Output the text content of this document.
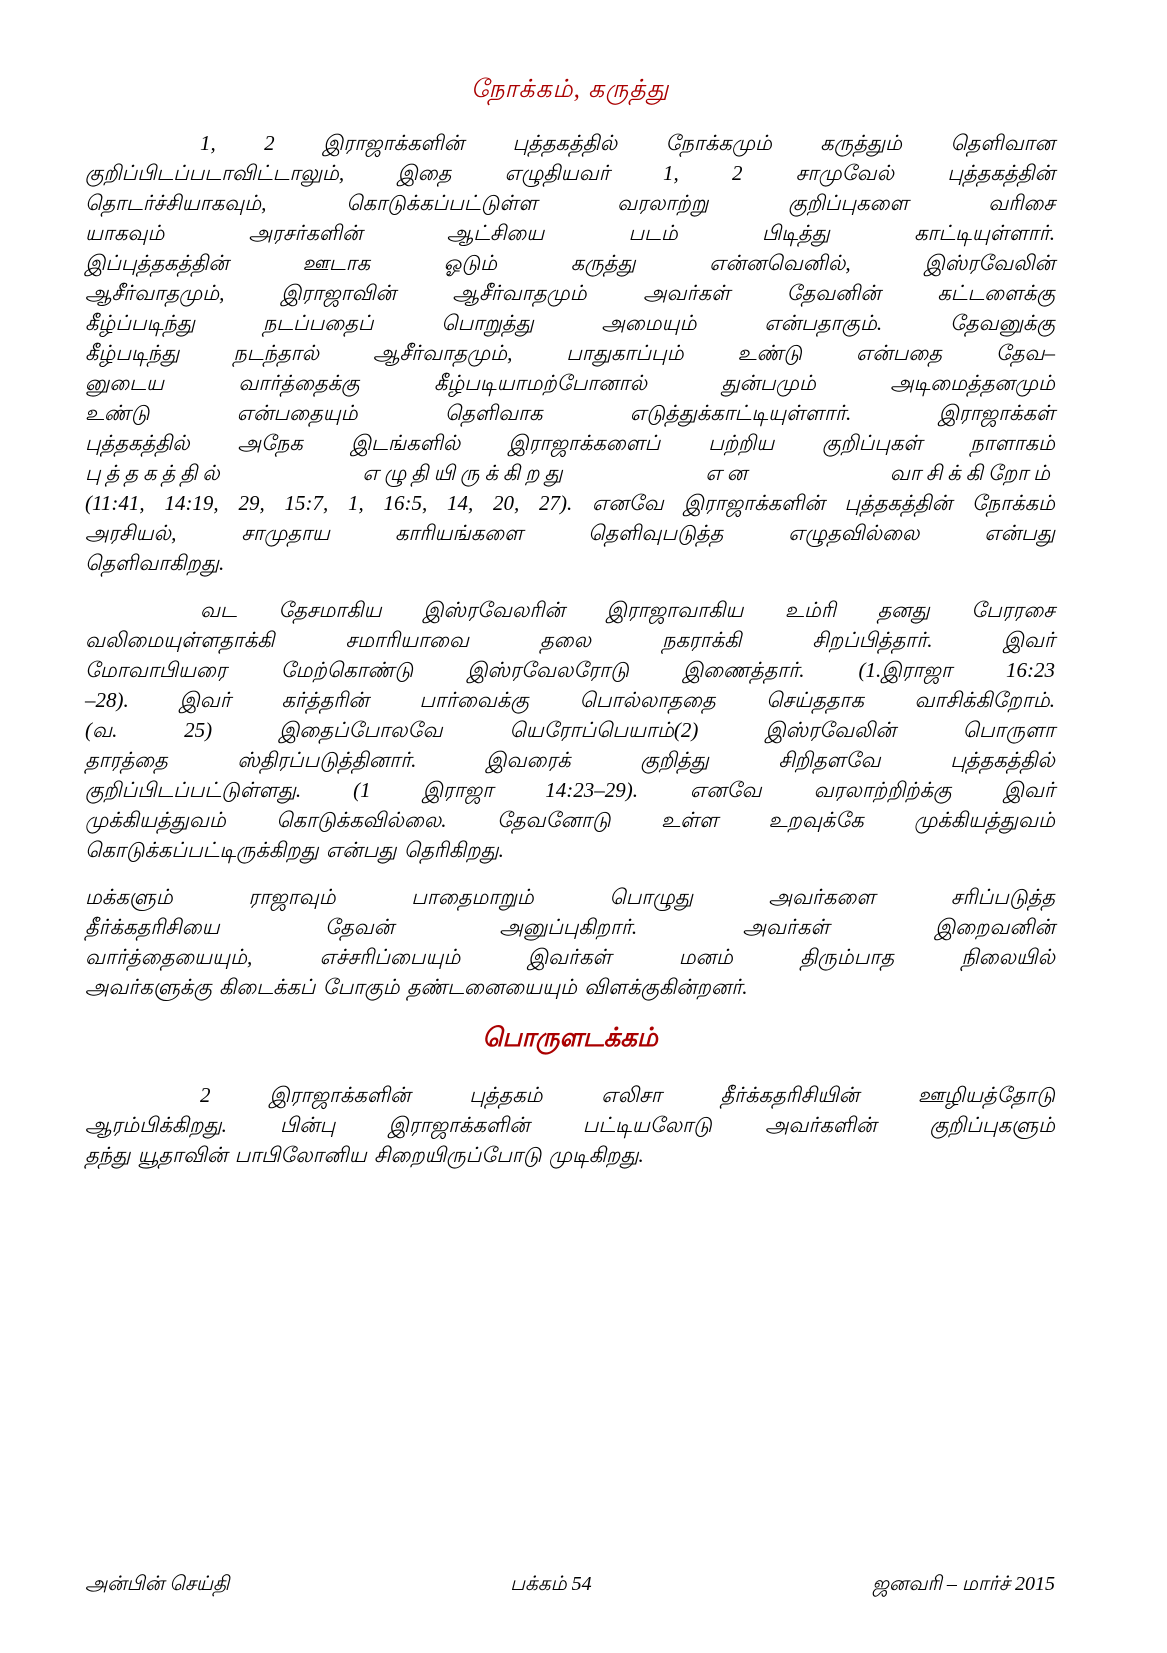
நோக்கம், கருத்து
1, 2 இராஜாக்களின் புத்தகத்தில் நோக்கமும் கருத்தும் தெளிவான
குறிப்பிடப்படாவிட்டாலும், இதை எழுதியவர் 1, 2 சாமுவேல் புத்தகத்தின்
தொடர்ச்சியாகவும், கொடுக்கப்பட்டுள்ள வரலாற்று குறிப்புகளை வரிசை
யாகவும் அரசர்களின் ஆட்சியை படம் பிடித்து காட்டியுள்ளார்.
இப்புத்தகத்தின் ஊடாக ஓடும் கருத்து என்னவெனில், இஸ்ரவேலின்
ஆசீர்வாதமும், இராஜாவின் ஆசீர்வாதமும் அவர்கள் தேவனின் கட்டளைக்கு
கீழ்ப்படிந்து நடப்பதைப் பொறுத்து அமையும் என்பதாகும். தேவனுக்கு
கீழ்படிந்து நடந்தால் ஆசீர்வாதமும், பாதுகாப்பும் உண்டு என்பதை தேவ–
னுடைய வார்த்தைக்கு கீழ்படியாமற்போனால் துன்பமும் அடிமைத்தனமும்
உண்டு என்பதையும் தெளிவாக எடுத்துக்காட்டியுள்ளார். இராஜாக்கள்
புத்தகத்தில் அநேக இடங்களில் இராஜாக்களைப் பற்றிய குறிப்புகள் நாளாகம்
புத்தகத்தில் எழுதியிருக்கிறது என வாசிக்கிறோம்
(11:41, 14:19, 29, 15:7, 1, 16:5, 14, 20, 27). எனவே இராஜாக்களின் புத்தகத்தின் நோக்கம்
அரசியல், சாமுதாய காரியங்களை தெளிவுபடுத்த எழுதவில்லை என்பது
தெளிவாகிறது.
வட தேசமாகிய இஸ்ரவேலரின் இராஜாவாகிய உம்ரி தனது பேரரசை
வலிமையுள்ளதாக்கி சமாரியாவை தலை நகராக்கி சிறப்பித்தார். இவர்
மோவாபியரை மேற்கொண்டு இஸ்ரவேலரோடு இணைத்தார். (1.இராஜா 16:23
–28). இவர் கர்த்தரின் பார்வைக்கு பொல்லாததை செய்ததாக வாசிக்கிறோம்.
(வ. 25) இதைப்போலவே யெரோப்பெயாம்(2) இஸ்ரவேலின் பொருளா
தாரத்தை ஸ்திரப்படுத்தினார். இவரைக் குறித்து சிறிதளவே புத்தகத்தில்
குறிப்பிடப்பட்டுள்ளது. (1 இராஜா 14:23–29). எனவே வரலாற்றிற்க்கு இவர்
முக்கியத்துவம் கொடுக்கவில்லை. தேவனோடு உள்ள உறவுக்கே முக்கியத்துவம்
கொடுக்கப்பட்டிருக்கிறது என்பது தெரிகிறது.
மக்களும் ராஜாவும் பாதைமாறும் பொழுது அவர்களை சரிப்படுத்த
தீர்க்கதரிசியை தேவன் அனுப்புகிறார். அவர்கள் இறைவனின்
வார்த்தையையும், எச்சரிப்பையும் இவர்கள் மனம் திரும்பாத நிலையில்
அவர்களுக்கு கிடைக்கப் போகும் தண்டனையையும் விளக்குகின்றனர்.
பொருளடக்கம்
2 இராஜாக்களின் புத்தகம் எலிசா தீர்க்கதரிசியின் ஊழியத்தோடு
ஆரம்பிக்கிறது. பின்பு இராஜாக்களின் பட்டியலோடு அவர்களின் குறிப்புகளும்
தந்து யூதாவின் பாபிலோனிய சிறையிருப்போடு முடிகிறது.
அன்பின் செய்தி	பக்கம் 54	ஜனவரி – மார்ச் 2015
